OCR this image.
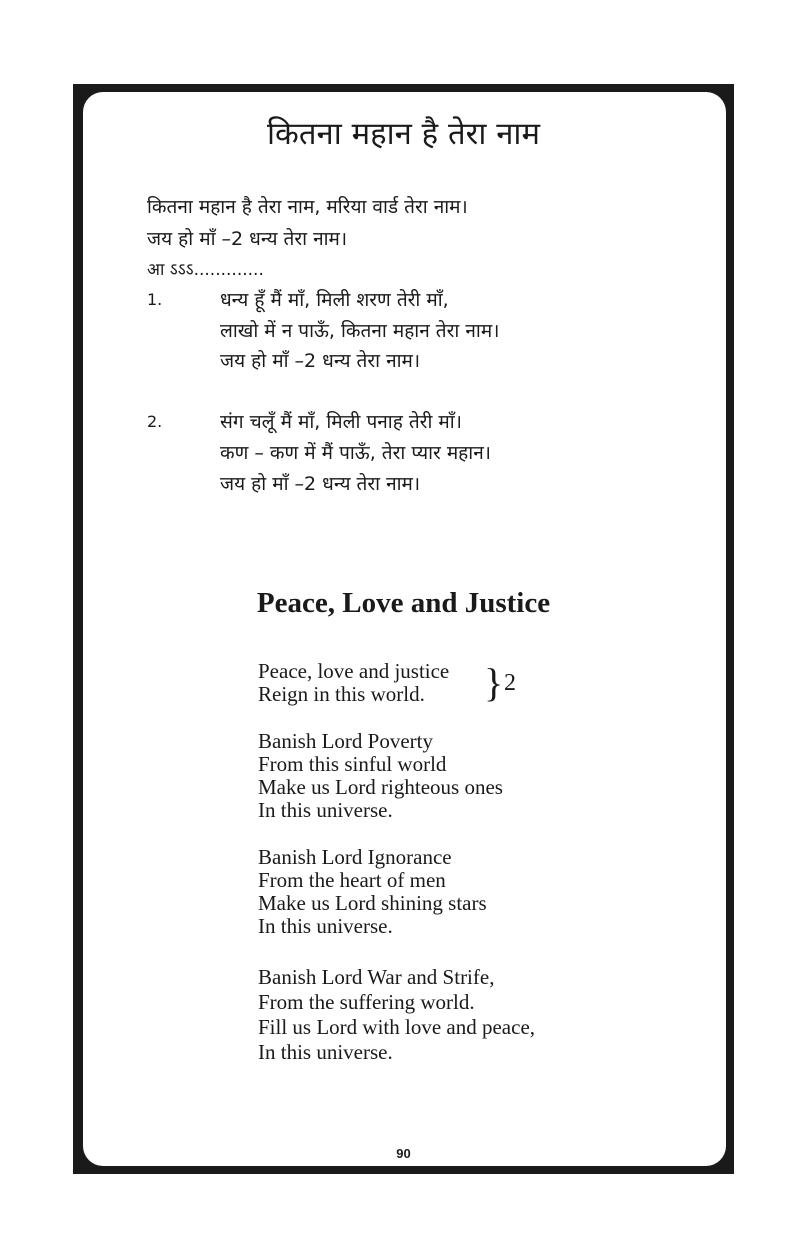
कितना महान है तेरा नाम

कितना महान है तेरा नाम, मरिया वार्ड तेरा नाम।

जय हो माँ –2 धन्य तेरा नाम।

आ ऽऽऽ.............

1.	धन्य हूँ मैं माँ, मिली शरण तेरी माँ,

लाखो में न पाऊँ, कितना महान तेरा नाम।

जय हो माँ –2 धन्य तेरा नाम।

2.	संग चलूँ मैं माँ, मिली पनाह तेरी माँ।

कण – कण में मैं पाऊँ, तेरा प्यार महान।

जय हो माँ –2 धन्य तेरा नाम।

Peace, Love and Justice
Peace, love and justice
Reign in this world. } 2
Banish Lord Poverty
From this sinful world
Make us Lord righteous ones
In this universe.
Banish Lord Ignorance
From the heart of men
Make us Lord shining stars
In this universe.
Banish Lord War and Strife,
From the suffering world.
Fill us Lord with love and peace,
In this universe.
90
